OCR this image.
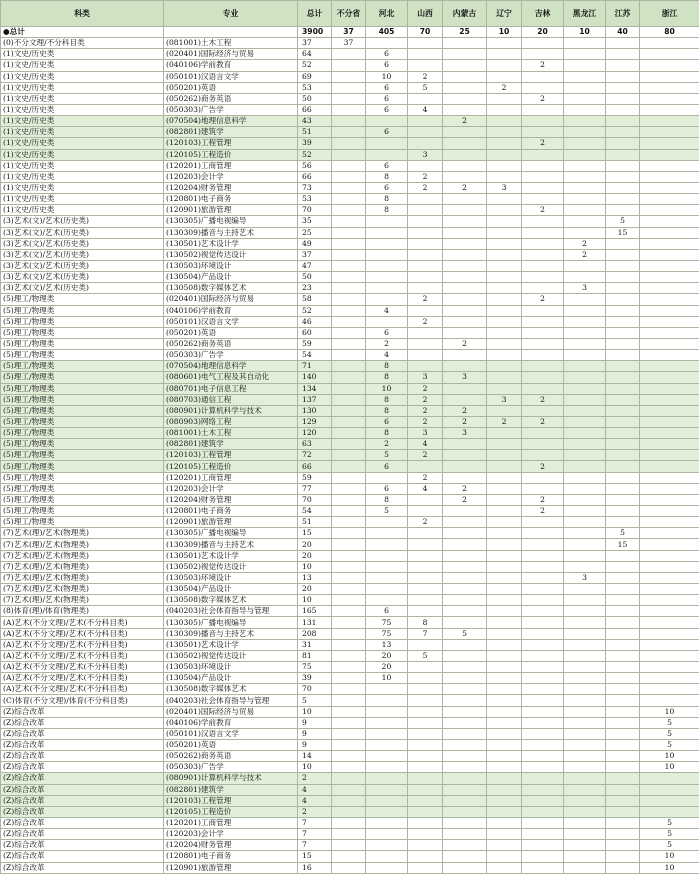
科类	专业	总计	不分省	河北	山西	内蒙古	辽宁	吉林	黑龙江	江苏	浙江
●总计		3900	37	405	70	25	10	20	10	40	80
(0)不分文理/不分科目类	(081001)土木工程	37	37								
(1)文史/历史类	(020401)国际经济与贸易	64		6							
(1)文史/历史类	(040106)学前教育	52		6				2			
(1)文史/历史类	(050101)汉语言文学	69		10	2						
(1)文史/历史类	(050201)英语	53		6	5		2				
(1)文史/历史类	(050262)商务英语	50		6				2			
(1)文史/历史类	(050303)广告学	66		6	4						
(1)文史/历史类	(070504)地理信息科学	43				2					
(1)文史/历史类	(082801)建筑学	51		6							
(1)文史/历史类	(120103)工程管理	39						2			
(1)文史/历史类	(120105)工程造价	52			3						
(1)文史/历史类	(120201)工商管理	56		6							
(1)文史/历史类	(120203)会计学	66		8	2						
(1)文史/历史类	(120204)财务管理	73		6	2	2	3				
(1)文史/历史类	(120801)电子商务	53		8							
(1)文史/历史类	(120901)旅游管理	70		8				2			
(3)艺术(文)/艺术(历史类)	(130305)广播电视编导	35								5	
(3)艺术(文)/艺术(历史类)	(130309)播音与主持艺术	25								15	
(3)艺术(文)/艺术(历史类)	(130501)艺术设计学	49							2		
(3)艺术(文)/艺术(历史类)	(130502)视觉传达设计	37							2		
(3)艺术(文)/艺术(历史类)	(130503)环境设计	47									
(3)艺术(文)/艺术(历史类)	(130504)产品设计	50									
(3)艺术(文)/艺术(历史类)	(130508)数字媒体艺术	23							3		
(5)理工/物理类	(020401)国际经济与贸易	58			2			2			
(5)理工/物理类	(040106)学前教育	52		4							
(5)理工/物理类	(050101)汉语言文学	46			2						
(5)理工/物理类	(050201)英语	60		6							
(5)理工/物理类	(050262)商务英语	59		2		2					
(5)理工/物理类	(050303)广告学	54		4							
(5)理工/物理类	(070504)地理信息科学	71		8							
(5)理工/物理类	(080601)电气工程及其自动化	140		8	3	3					
(5)理工/物理类	(080701)电子信息工程	134		10	2						
(5)理工/物理类	(080703)通信工程	137		8	2		3	2			
(5)理工/物理类	(080901)计算机科学与技术	130		8	2	2					
(5)理工/物理类	(080903)网络工程	129		6	2	2	2	2			
(5)理工/物理类	(081001)土木工程	120		8	3	3					
(5)理工/物理类	(082801)建筑学	63		2	4						
(5)理工/物理类	(120103)工程管理	72		5	2						
(5)理工/物理类	(120105)工程造价	66		6				2			
(5)理工/物理类	(120201)工商管理	59			2						
(5)理工/物理类	(120203)会计学	77		6	4	2					
(5)理工/物理类	(120204)财务管理	70		8		2		2			
(5)理工/物理类	(120801)电子商务	54		5				2			
(5)理工/物理类	(120901)旅游管理	51			2						
(7)艺术(理)/艺术(物理类)	(130305)广播电视编导	15								5	
(7)艺术(理)/艺术(物理类)	(130309)播音与主持艺术	20								15	
(7)艺术(理)/艺术(物理类)	(130501)艺术设计学	20									
(7)艺术(理)/艺术(物理类)	(130502)视觉传达设计	10									
(7)艺术(理)/艺术(物理类)	(130503)环境设计	13							3		
(7)艺术(理)/艺术(物理类)	(130504)产品设计	20									
(7)艺术(理)/艺术(物理类)	(130508)数字媒体艺术	10									
(8)体育(理)/体育(物理类)	(040203)社会体育指导与管理	165		6							
(A)艺术(不分文理)/艺术(不分科目类)	(130305)广播电视编导	131		75	8						
(A)艺术(不分文理)/艺术(不分科目类)	(130309)播音与主持艺术	208		75	7	5					
(A)艺术(不分文理)/艺术(不分科目类)	(130501)艺术设计学	31		13							
(A)艺术(不分文理)/艺术(不分科目类)	(130502)视觉传达设计	81		20	5						
(A)艺术(不分文理)/艺术(不分科目类)	(130503)环境设计	75		20							
(A)艺术(不分文理)/艺术(不分科目类)	(130504)产品设计	39		10							
(A)艺术(不分文理)/艺术(不分科目类)	(130508)数字媒体艺术	70									
(C)体育(不分文理)/体育(不分科目类)	(040203)社会体育指导与管理	5									
(Z)综合改革	(020401)国际经济与贸易	10									10
(Z)综合改革	(040106)学前教育	9									5
(Z)综合改革	(050101)汉语言文学	9									5
(Z)综合改革	(050201)英语	9									5
(Z)综合改革	(050262)商务英语	14									10
(Z)综合改革	(050303)广告学	10									10
(Z)综合改革	(080901)计算机科学与技术	2									
(Z)综合改革	(082801)建筑学	4									
(Z)综合改革	(120103)工程管理	4									
(Z)综合改革	(120105)工程造价	2									
(Z)综合改革	(120201)工商管理	7									5
(Z)综合改革	(120203)会计学	7									5
(Z)综合改革	(120204)财务管理	7									5
(Z)综合改革	(120801)电子商务	15									10
(Z)综合改革	(120901)旅游管理	16									10
